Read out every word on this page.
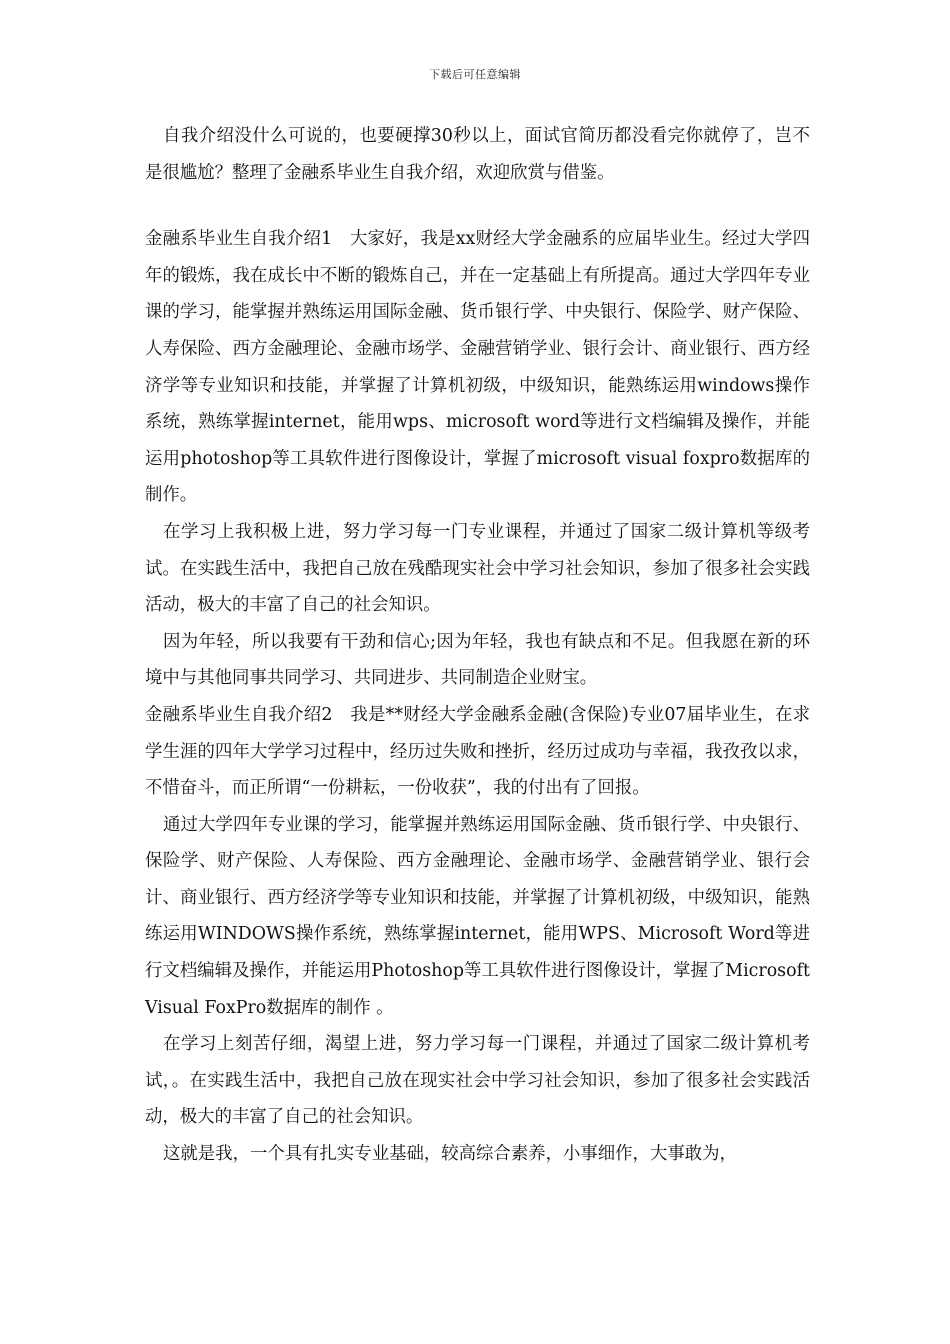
下载后可任意编辑

自我介绍没什么可说的，也要硬撑30秒以上，面试官简历都没看完你就停了，岂不是很尴尬？整理了金融系毕业生自我介绍，欢迎欣赏与借鉴。

金融系毕业生自我介绍1　大家好，我是xx财经大学金融系的应届毕业生。经过大学四年的锻炼，我在成长中不断的锻炼自己，并在一定基础上有所提高。通过大学四年专业课的学习，能掌握并熟练运用国际金融、货币银行学、中央银行、保险学、财产保险、人寿保险、西方金融理论、金融市场学、金融营销学业、银行会计、商业银行、西方经济学等专业知识和技能，并掌握了计算机初级，中级知识，能熟练运用windows操作系统，熟练掌握internet，能用wps、microsoft word等进行文档编辑及操作，并能运用photoshop等工具软件进行图像设计，掌握了microsoft visual foxpro数据库的制作。

在学习上我积极上进，努力学习每一门专业课程，并通过了国家二级计算机等级考试。在实践生活中，我把自己放在残酷现实社会中学习社会知识，参加了很多社会实践活动，极大的丰富了自己的社会知识。

因为年轻，所以我要有干劲和信心;因为年轻，我也有缺点和不足。但我愿在新的环境中与其他同事共同学习、共同进步、共同制造企业财宝。

金融系毕业生自我介绍2　我是**财经大学金融系金融(含保险)专业07届毕业生，在求学生涯的四年大学学习过程中，经历过失败和挫折，经历过成功与幸福，我孜孜以求，不惜奋斗，而正所谓“一份耕耘，一份收获”，我的付出有了回报。

通过大学四年专业课的学习，能掌握并熟练运用国际金融、货币银行学、中央银行、保险学、财产保险、人寿保险、西方金融理论、金融市场学、金融营销学业、银行会计、商业银行、西方经济学等专业知识和技能，并掌握了计算机初级，中级知识，能熟练运用WINDOWS操作系统，熟练掌握internet，能用WPS、Microsoft Word等进行文档编辑及操作，并能运用Photoshop等工具软件进行图像设计，掌握了Microsoft Visual FoxPro数据库的制作 。

在学习上刻苦仔细，渴望上进，努力学习每一门课程，并通过了国家二级计算机考试，。在实践生活中，我把自己放在现实社会中学习社会知识，参加了很多社会实践活动，极大的丰富了自己的社会知识。

这就是我，一个具有扎实专业基础，较高综合素养，小事细作，大事敢为，
